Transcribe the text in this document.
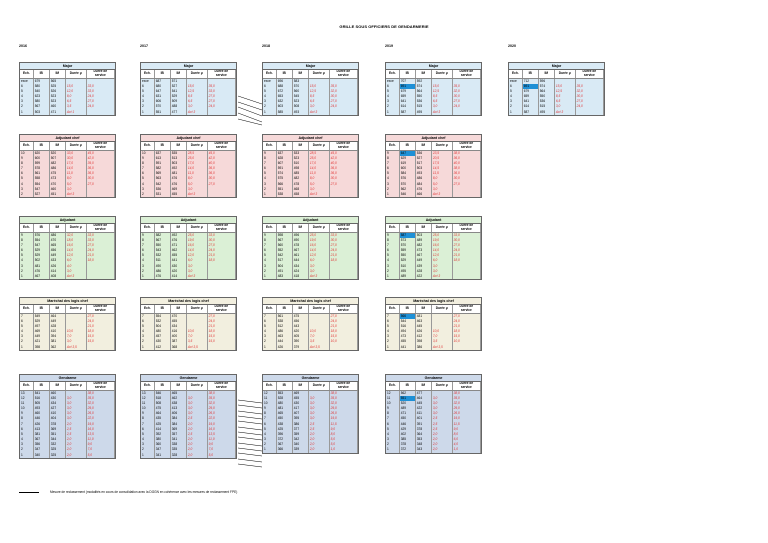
GRILLE SOUS OFFICIERS DE GENDARMERIE
2016
Major
Ech.	IB	IM	Durée μ	Durée de service
exce	679	565		
6	580	525	15,0	33,0
5	540	526	12,0	33,0
4	623	523	8,0	24,0
3	580	523	6,5	27,0
2	567	460	3,5	24,0
1	503	471	Act 1	
Adjudant chef
Ech.	IB	IM	Durée μ	Durée de service
10	620	520	33,0	45,0
9	600	507	30,0	42,0
8	599	482	17,0	39,0
7	578	486	14,0	36,0
6	561	475	11,0	36,0
5	558	473	8,0	30,0
4	554	470	5,0	27,0
3	547	460	3,0	
2	527	451	Act 3	
Adjudant
Ech.	IB	IM	Durée μ	Durée de service
9	576	486	32,0	33,0
8	554	470	18,0	33,0
7	547	465	16,0	27,0
6	529	456	14,0	24,0
5	529	449	12,0	21,0
4	502	433	6,0	18,0
3	481	426	4,0	
2	476	414	3,0	
1	467	408	Act 3	
Maréchal des logis chef
Ech.	IB	IM	Durée μ	Durée de service
7	549	464		27,0
6	529	449		24,0
5	497	428		21,0
4	469	410	10,0	18,0
3	449	394	7,0	15,0
2	421	381	3,0	15,0
1	398	362	Act 3,5	
Gendarme
Ech.	IB	IM	Durée μ	Durée de service
13	541	460		38,0
12	516	430	3,0	35,0
11	505	434	3,0	32,0
10	493	427	3,0	29,0
9	460	410	3,0	26,0
8	446	404	3,0	22,0
7	426	378	2,0	19,0
6	413	369	2,5	16,0
5	381	351	2,5	13,5
4	367	344	2,0	11,0
3	356	332	2,0	9,0
2	347	325	2,0	7,0
1	340	325	2,0	5,0
2017
Major
Ech.	IB	IM	Durée μ	Durée de service
exce	687	571		
6	680	527	15,0	35,0
5	647	541	12,5	33,0
4	631	529	8,5	27,0
3	606	509	6,5	27,0
2	570	488	3,0	24,0
1	551	477	Act 3	
Adjudant chef
Ech.	IB	IM	Durée μ	Durée de service
10	637	535	28,5	45,0
9	613	513	25,0	42,0
8	591	503	17,0	40,0
7	582	492	14,0	36,0
6	569	481	11,0	36,0
5	563	476	8,0	30,0
4	542	476	5,0	27,0
3	536	469	3,0	
2	531	455	Act 3	
Adjudant
Ech.	IB	IM	Durée μ	Durée de service
9	582	492	25,0	33,0
8	567	476	19,0	30,0
7	550	471	16,0	27,0
6	543	462	14,0	24,0
5	532	455	12,0	21,0
4	511	441	6,0	18,0
3	490	430	3,0	
2	486	420	3,0	
1	476	414	Act 3	
Maréchal des logis chef
Ech.	IB	IM	Durée μ	Durée de service
7	554	470		27,0
6	532	455		24,0
5	504	434		21,0
4	480	416	10,0	18,0
3	457	400	7,0	15,0
2	430	387	3,5	15,0
1	412	368	Act 3,5	
Gendarme
Ech.	IB	IM	Durée μ	Durée de service
13	546	465		38,0
12	518	462	3,0	35,0
11	508	438	3,0	32,0
10	475	413	3,0	29,0
9	464	406	3,0	26,0
8	435	384	2,5	22,0
7	425	384	2,0	19,0
6	414	369	2,0	16,0
5	392	357	2,5	13,5
4	380	341	2,0	11,0
3	360	338	2,0	9,0
2	347	335	2,0	7,0
1	341	328	2,0	5,0
2018
Major
Ech.	IB	IM	Durée μ	Durée de service
exce	696	583		
6	688	570	15,0	35,0
5	672	560	12,5	32,0
4	653	545	8,5	30,0
3	632	523	6,5	27,0
2	603	508	3,0	24,0
1	585	493	Act 3	
Adjudant chef
Ech.	IB	IM	Durée μ	Durée de service
9	637	533	28,5	45,0
8	628	523	25,0	42,0
7	607	510	17,0	40,0
6	591	498	14,0	36,0
5	574	485	11,0	36,0
4	575	482	8,0	30,0
3	566	478	5,0	27,0
2	551	468	3,0	
1	538	458	Act 3	
Adjudant
Ech.	IB	IM	Durée μ	Durée de service
9	598	496	25,0	33,0
8	567	490	19,0	30,0
7	560	478	16,0	27,0
6	552	467	14,0	24,0
5	542	461	12,0	21,0
4	517	444	6,0	18,0
3	504	434	3,0	
2	491	424	3,0	
1	483	418	Act 3	
Maréchal des logis chef
Ech.	IB	IM	Durée μ	Durée de service
7	561	475		27,0
6	538	456		24,0
5	512	443		21,0
4	486	420	10,0	18,0
3	463	405	7,0	15,0
2	444	390	3,5	10,0
1	426	379	Act 3,5	
Gendarme
Ech.	IB	IM	Durée μ	Durée de service
12	553	469		38,0
11	528	455	3,0	35,0
10	480	430	3,0	32,0
9	481	417	3,0	29,0
8	465	407	3,0	26,0
7	450	395	3,0	19,0
6	438	386	2,5	11,5
5	425	377	2,5	9,0
4	396	359	2,0	8,0
3	372	342	2,0	5,0
2	367	340	2,0	5,0
1	366	339	2,0	1,0
2019
Major
Ech.	IB	IM	Durée μ	Durée de service
exce	707	592		
6	691	574	15,0	35,0
5	679	564	12,5	32,0
4	659	550	8,5	30,0
3	641	536	6,5	27,0
2	614	515	3,0	24,0
1	587	495	Act 3	
Adjudant chef
Ech.	IB	IM	Durée μ	Durée de service
9	647	536	23,5	38,0
8	629	527	20,5	36,0
7	619	517	17,5	40,0
6	600	503	14,5	38,0
5	584	493	11,5	36,0
4	576	486	8,0	30,0
3	570	484	5,0	27,0
2	562	476	3,0	
1	546	466	Act 3	
Adjudant
Ech.	IB	IM	Durée μ	Durée de service
9	587	503	25,0	33,0
8	573	489	19,0	30,0
7	570	482	16,0	27,0
6	559	473	14,0	24,0
5	550	467	12,0	21,0
4	529	449	6,0	18,0
3	510	439	3,0	
2	495	428	3,0	
1	489	422	Act 3	
Maréchal des logis chef
Ech.	IB	IM	Durée μ	Durée de service
7	566	481		27,0
6	544	463		24,0
5	516	445		21,0
4	494	426	10,0	18,0
3	473	412	7,0	15,0
2	455	398	3,5	10,0
1	441	386	Act 3,5	
Gendarme
Ech.	IB	IM	Durée μ	Durée de service
12	562	477		38,0
11	551	464	3,0	35,0
10	520	445	3,0	32,0
9	489	422	3,0	29,0
8	471	411	3,0	26,0
7	450	401	2,5	19,0
6	446	391	2,5	11,5
5	429	378	2,5	9,0
4	402	364	2,0	8,0
3	385	353	2,0	6,0
2	378	348	2,0	4,0
1	372	343	2,0	1,0
2020
Major
Ech.	IB	IM	Durée μ	Durée de service
exce	712	596		
6	691	574	15,0	35,0
5	679	564	12,5	32,0
4	659	550	8,5	30,0
3	641	536	6,5	27,0
2	614	515	3,0	24,0
1	587	495	Act 3	
Mesure de reclassement (modalités en cours de consolidation avec la DGGN en cohérence avec les mesures de reclassement FPE)
